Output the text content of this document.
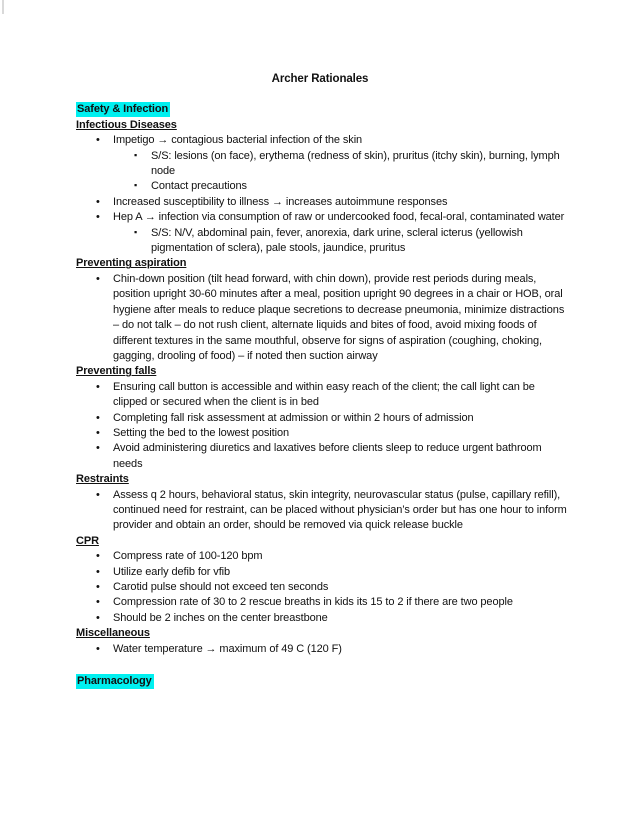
Archer Rationales
Safety & Infection
Infectious Diseases
• Impetigo → contagious bacterial infection of the skin
▪ S/S: lesions (on face), erythema (redness of skin), pruritus (itchy skin), burning, lymph node
▪ Contact precautions
• Increased susceptibility to illness → increases autoimmune responses
• Hep A → infection via consumption of raw or undercooked food, fecal-oral, contaminated water
▪ S/S: N/V, abdominal pain, fever, anorexia, dark urine, scleral icterus (yellowish pigmentation of sclera), pale stools, jaundice, pruritus
Preventing aspiration
• Chin-down position (tilt head forward, with chin down), provide rest periods during meals, position upright 30-60 minutes after a meal, position upright 90 degrees in a chair or HOB, oral hygiene after meals to reduce plaque secretions to decrease pneumonia, minimize distractions – do not talk – do not rush client, alternate liquids and bites of food, avoid mixing foods of different textures in the same mouthful, observe for signs of aspiration (coughing, choking, gagging, drooling of food) – if noted then suction airway
Preventing falls
• Ensuring call button is accessible and within easy reach of the client; the call light can be clipped or secured when the client is in bed
• Completing fall risk assessment at admission or within 2 hours of admission
• Setting the bed to the lowest position
• Avoid administering diuretics and laxatives before clients sleep to reduce urgent bathroom needs
Restraints
• Assess q 2 hours, behavioral status, skin integrity, neurovascular status (pulse, capillary refill), continued need for restraint, can be placed without physician’s order but has one hour to inform provider and obtain an order, should be removed via quick release buckle
CPR
• Compress rate of 100-120 bpm
• Utilize early defib for vfib
• Carotid pulse should not exceed ten seconds
• Compression rate of 30 to 2 rescue breaths in kids its 15 to 2 if there are two people
• Should be 2 inches on the center breastbone
Miscellaneous
• Water temperature → maximum of 49 C (120 F)
Pharmacology
